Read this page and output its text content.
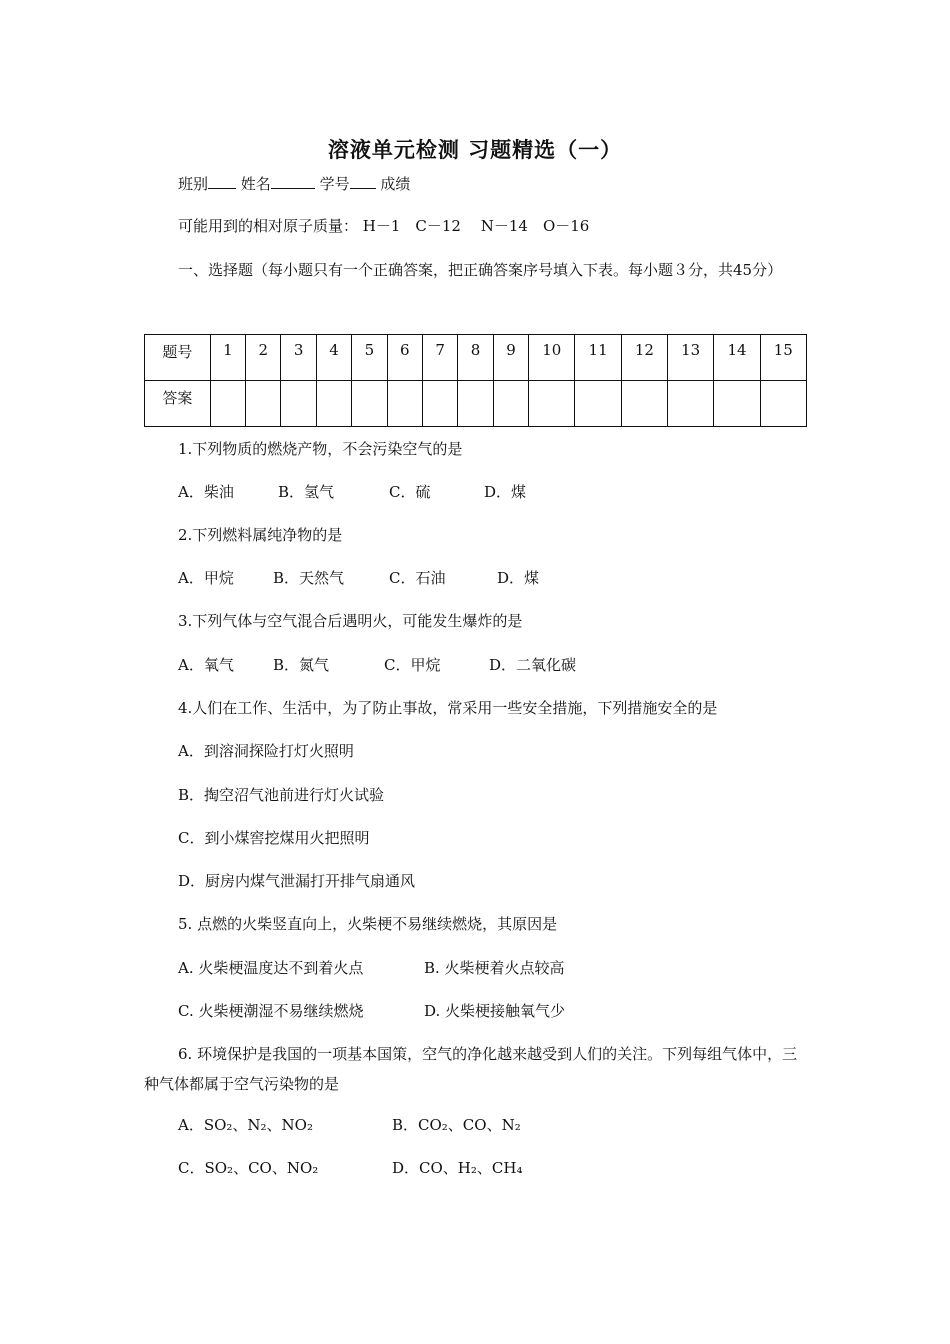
溶液单元检测 习题精选（一）
班别 姓名	学号 成绩
可能用到的相对原子质量： H－1　C－12　 N－14　O－16
一、选择题（每小题只有一个正确答案，把正确答案序号填入下表。每小题３分，共45分）
题号	1	2	3	4	5	6	7	8	9	10	11	12	13	14	15
答案															
1.下列物质的燃烧产物，不会污染空气的是
A．柴油	B．氢气	C．硫	D．煤
2.下列燃料属纯净物的是
A．甲烷	B．天然气	C．石油	D．煤
3.下列气体与空气混合后遇明火，可能发生爆炸的是
A．氧气	B．氮气	C．甲烷	D．二氧化碳
4.人们在工作、生活中，为了防止事故，常采用一些安全措施，下列措施安全的是
A．到溶洞探险打灯火照明
B．掏空沼气池前进行灯火试验
C．到小煤窖挖煤用火把照明
D．厨房内煤气泄漏打开排气扇通风
5. 点燃的火柴竖直向上，火柴梗不易继续燃烧，其原因是
A. 火柴梗温度达不到着火点	B. 火柴梗着火点较高
C. 火柴梗潮湿不易继续燃烧	D. 火柴梗接触氧气少
6. 环境保护是我国的一项基本国策，空气的净化越来越受到人们的关注。下列每组气体中，三种气体都属于空气污染物的是
A．SO₂、N₂、NO₂	B．CO₂、CO、N₂
C．SO₂、CO、NO₂	D．CO、H₂、CH₄
